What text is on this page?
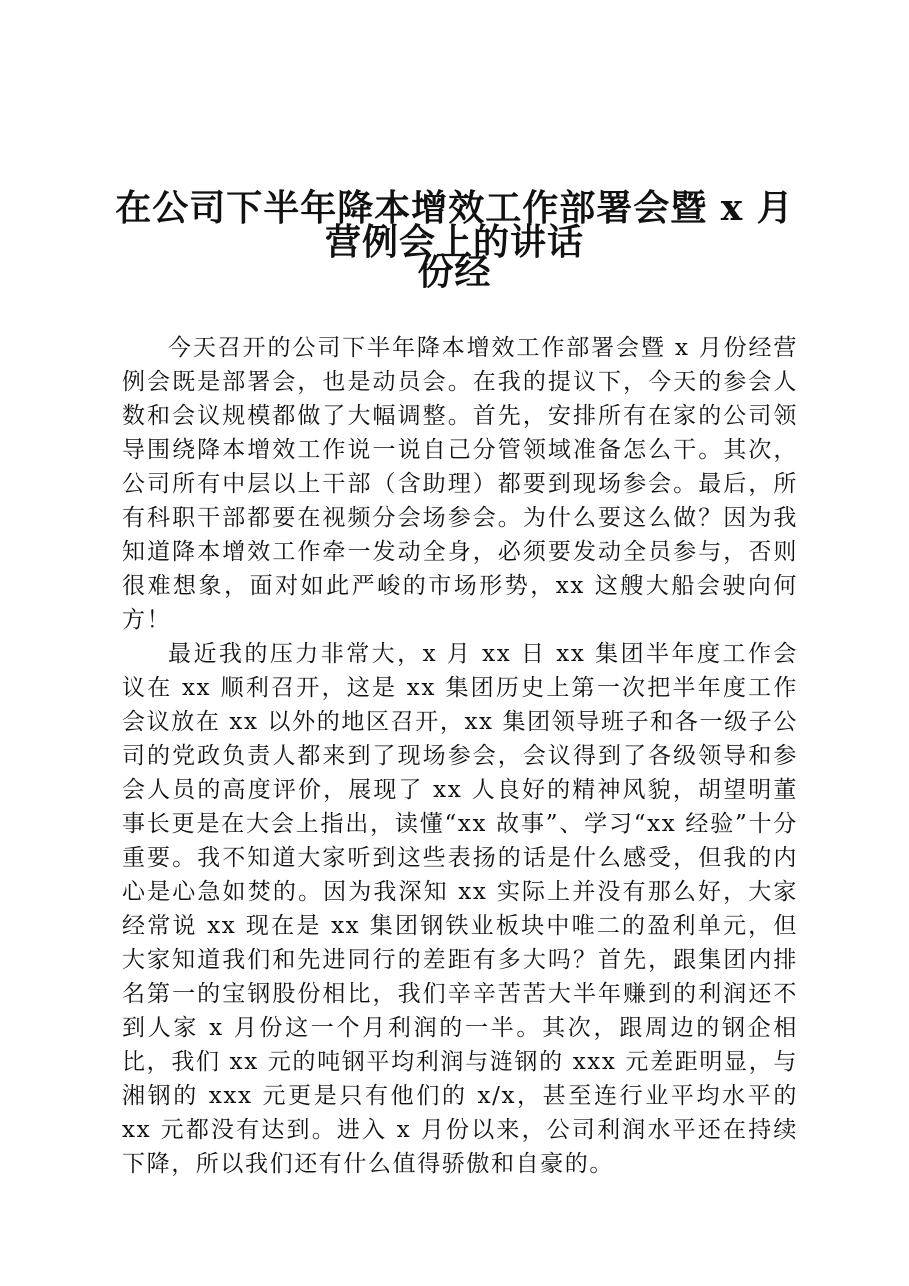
在公司下半年降本增效工作部署会暨 x 月份经
营例会上的讲话

今天召开的公司下半年降本增效工作部署会暨 x 月份经营例会既是部署会，也是动员会。在我的提议下，今天的参会人数和会议规模都做了大幅调整。首先，安排所有在家的公司领导围绕降本增效工作说一说自己分管领域准备怎么干。其次，公司所有中层以上干部（含助理）都要到现场参会。最后，所有科职干部都要在视频分会场参会。为什么要这么做？因为我知道降本增效工作牵一发动全身，必须要发动全员参与，否则很难想象，面对如此严峻的市场形势，xx 这艘大船会驶向何方！

最近我的压力非常大，x 月 xx 日 xx 集团半年度工作会议在 xx 顺利召开，这是 xx 集团历史上第一次把半年度工作会议放在 xx 以外的地区召开，xx 集团领导班子和各一级子公司的党政负责人都来到了现场参会，会议得到了各级领导和参会人员的高度评价，展现了 xx 人良好的精神风貌，胡望明董事长更是在大会上指出，读懂“xx 故事”、学习“xx 经验”十分重要。我不知道大家听到这些表扬的话是什么感受，但我的内心是心急如焚的。因为我深知 xx 实际上并没有那么好，大家经常说 xx 现在是 xx 集团钢铁业板块中唯二的盈利单元，但大家知道我们和先进同行的差距有多大吗？首先，跟集团内排名第一的宝钢股份相比，我们辛辛苦苦大半年赚到的利润还不到人家 x 月份这一个月利润的一半。其次，跟周边的钢企相比，我们 xx 元的吨钢平均利润与涟钢的 xxx 元差距明显，与湘钢的 xxx 元更是只有他们的 x/x，甚至连行业平均水平的 xx 元都没有达到。进入 x 月份以来，公司利润水平还在持续下降，所以我们还有什么值得骄傲和自豪的。
